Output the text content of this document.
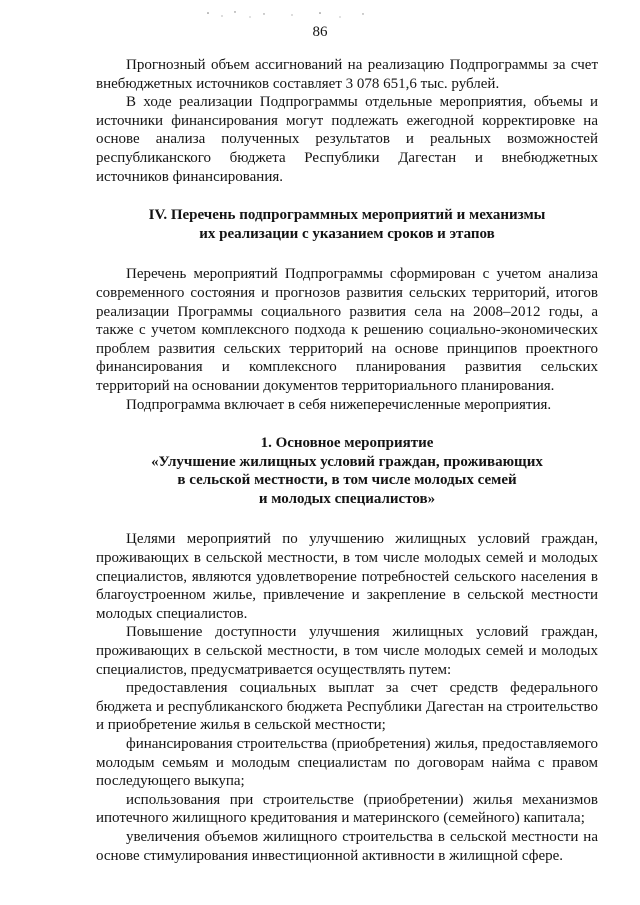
86

Прогнозный объем ассигнований на реализацию Подпрограммы за счет внебюджетных источников составляет 3 078 651,6 тыс. рублей.

В ходе реализации Подпрограммы отдельные мероприятия, объемы и источники финансирования могут подлежать ежегодной корректировке на основе анализа полученных результатов и реальных возможностей республиканского бюджета Республики Дагестан и внебюджетных источников финансирования.

IV. Перечень подпрограммных мероприятий и механизмы
их реализации с указанием сроков и этапов

Перечень мероприятий Подпрограммы сформирован с учетом анализа современного состояния и прогнозов развития сельских территорий, итогов реализации Программы социального развития села на 2008–2012 годы, а также с учетом комплексного подхода к решению социально-экономических проблем развития сельских территорий на основе принципов проектного финансирования и комплексного планирования развития сельских территорий на основании документов территориального планирования.

Подпрограмма включает в себя нижеперечисленные мероприятия.

1. Основное мероприятие
«Улучшение жилищных условий граждан, проживающих
в сельской местности, в том числе молодых семей
и молодых специалистов»

Целями мероприятий по улучшению жилищных условий граждан, проживающих в сельской местности, в том числе молодых семей и молодых специалистов, являются удовлетворение потребностей сельского населения в благоустроенном жилье, привлечение и закрепление в сельской местности молодых специалистов.

Повышение доступности улучшения жилищных условий граждан, проживающих в сельской местности, в том числе молодых семей и молодых специалистов, предусматривается осуществлять путем:

предоставления социальных выплат за счет средств федерального бюджета и республиканского бюджета Республики Дагестан на строительство и приобретение жилья в сельской местности;

финансирования строительства (приобретения) жилья, предоставляемого молодым семьям и молодым специалистам по договорам найма с правом последующего выкупа;

использования при строительстве (приобретении) жилья механизмов ипотечного жилищного кредитования и материнского (семейного) капитала;

увеличения объемов жилищного строительства в сельской местности на основе стимулирования инвестиционной активности в жилищной сфере.
